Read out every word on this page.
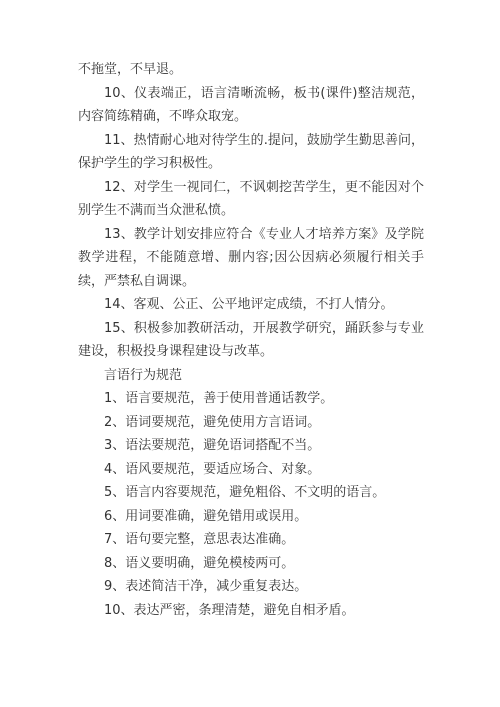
不拖堂，不早退。

10、仪表端正，语言清晰流畅，板书(课件)整洁规范，内容简练精确，不哗众取宠。

11、热情耐心地对待学生的.提问，鼓励学生勤思善问，保护学生的学习积极性。

12、对学生一视同仁，不讽刺挖苦学生，更不能因对个别学生不满而当众泄私愤。

13、教学计划安排应符合《专业人才培养方案》及学院教学进程，不能随意增、删内容;因公因病必须履行相关手续，严禁私自调课。

14、客观、公正、公平地评定成绩，不打人情分。

15、积极参加教研活动，开展教学研究，踊跃参与专业建设，积极投身课程建设与改革。

言语行为规范

1、语言要规范，善于使用普通话教学。

2、语词要规范，避免使用方言语词。

3、语法要规范，避免语词搭配不当。

4、语风要规范，要适应场合、对象。

5、语言内容要规范，避免粗俗、不文明的语言。

6、用词要准确，避免错用或误用。

7、语句要完整，意思表达准确。

8、语义要明确，避免模棱两可。

9、表述简洁干净，减少重复表达。

10、表达严密，条理清楚，避免自相矛盾。
